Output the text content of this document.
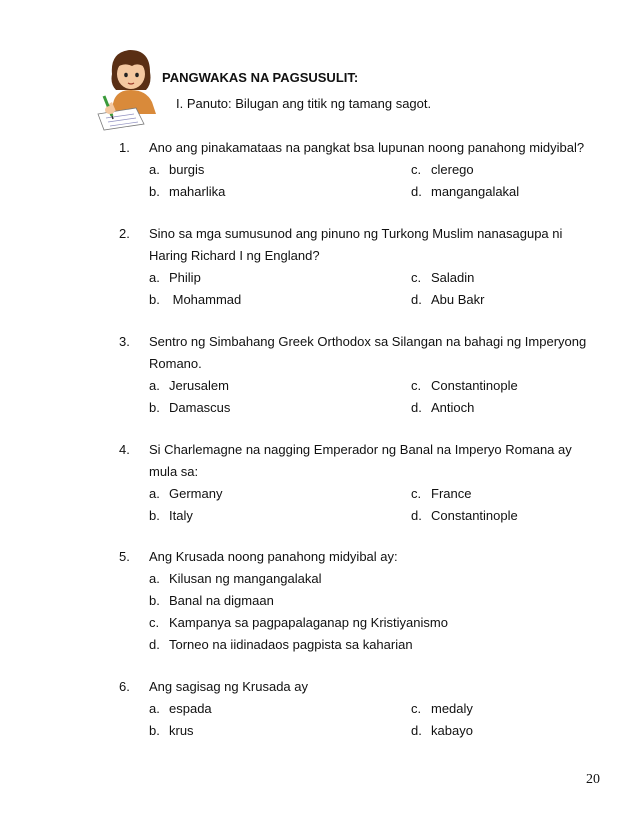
PANGWAKAS NA PAGSUSULIT:
I. Panuto: Bilugan ang titik ng tamang sagot.
1.	Ano ang pinakamataas na pangkat bsa lupunan noong panahong midyibal?
a. burgis	c. clerego
b. maharlika	d. mangangalakal
2.	Sino sa mga sumusunod ang pinuno ng Turkong Muslim nanasagupa ni Haring Richard I ng England?
a. Philip	c. Saladin
b. Mohammad	d. Abu Bakr
3.	Sentro ng Simbahang Greek Orthodox sa Silangan na bahagi ng Imperyong Romano.
a. Jerusalem	c. Constantinople
b. Damascus	d. Antioch
4.	Si Charlemagne na nagging Emperador ng Banal na Imperyo Romana ay mula sa:
a. Germany	c. France
b. Italy	d. Constantinople
5.	Ang Krusada noong panahong midyibal ay:
a. Kilusan ng mangangalakal
b. Banal na digmaan
c. Kampanya sa pagpapalaganap ng Kristiyanismo
d. Torneo na iidinadaos pagpista sa kaharian
6.	Ang sagisag ng Krusada ay
a. espada	c. medaly
b. krus	d. kabayo
20
